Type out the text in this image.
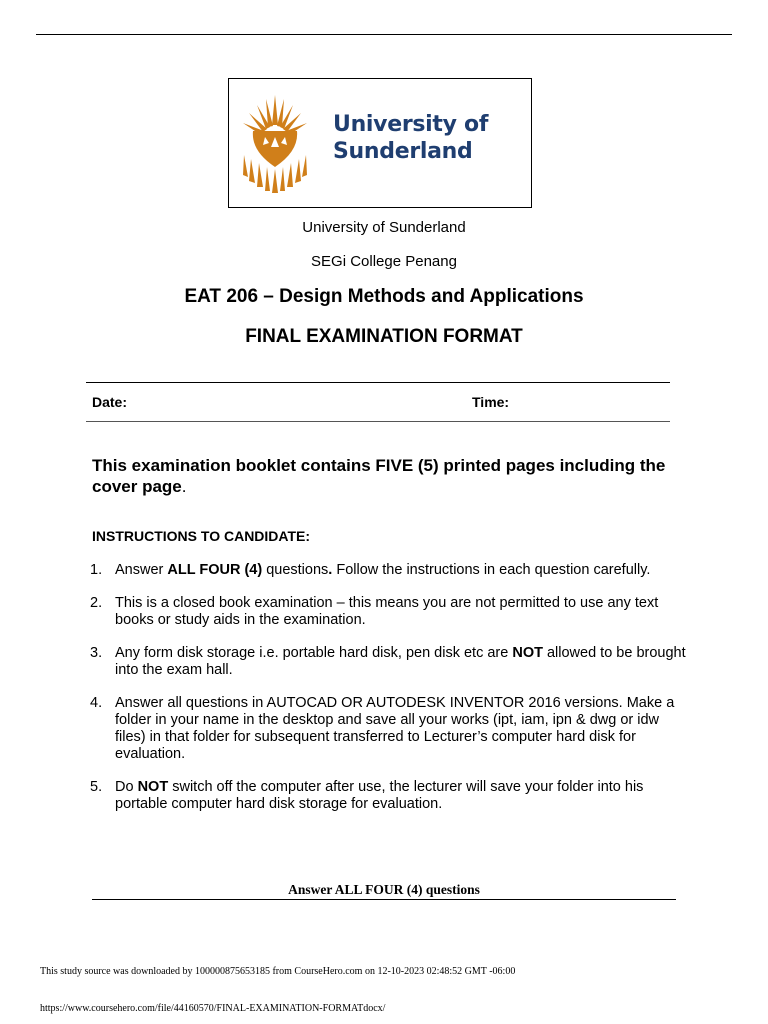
University of
Sunderland
University of Sunderland
SEGi College Penang
EAT 206 – Design Methods and Applications
FINAL EXAMINATION FORMAT
Date:	Time:
This examination booklet contains FIVE (5) printed pages including the cover page.
INSTRUCTIONS TO CANDIDATE:
1. Answer ALL FOUR (4) questions. Follow the instructions in each question carefully.
2. This is a closed book examination – this means you are not permitted to use any text books or study aids in the examination.
3. Any form disk storage i.e. portable hard disk, pen disk etc are NOT allowed to be brought into the exam hall.
4. Answer all questions in AUTOCAD OR AUTODESK INVENTOR 2016 versions. Make a folder in your name in the desktop and save all your works (ipt, iam, ipn & dwg or idw files) in that folder for subsequent transferred to Lecturer’s computer hard disk for evaluation.
5. Do NOT switch off the computer after use, the lecturer will save your folder into his portable computer hard disk storage for evaluation.
Answer ALL FOUR (4) questions
This study source was downloaded by 100000875653185 from CourseHero.com on 12-10-2023 02:48:52 GMT -06:00
https://www.coursehero.com/file/44160570/FINAL-EXAMINATION-FORMATdocx/
